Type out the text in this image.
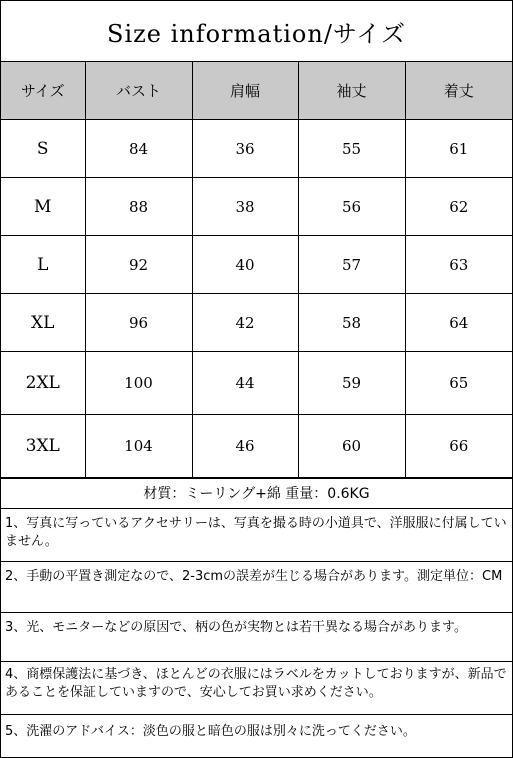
Size information/サイズ
サイズ	バスト	肩幅	袖丈	着丈
S	84	36	55	61
M	88	38	56	62
L	92	40	57	63
XL	96	42	58	64
2XL	100	44	59	65
3XL	104	46	60	66
材質：ミーリング+綿 重量：0.6KG
1、写真に写っているアクセサリーは、写真を撮る時の小道具で、洋服服に付属していません。
2、手動の平置き測定なので、2-3cmの誤差が生じる場合があります。測定単位：CM
3、光、モニターなどの原因で、柄の色が実物とは若干異なる場合があります。
4、商標保護法に基づき、ほとんどの衣服にはラベルをカットしておりますが、新品であることを保証していますので、安心してお買い求めください。
5、洗濯のアドバイス：淡色の服と暗色の服は別々に洗ってください。
